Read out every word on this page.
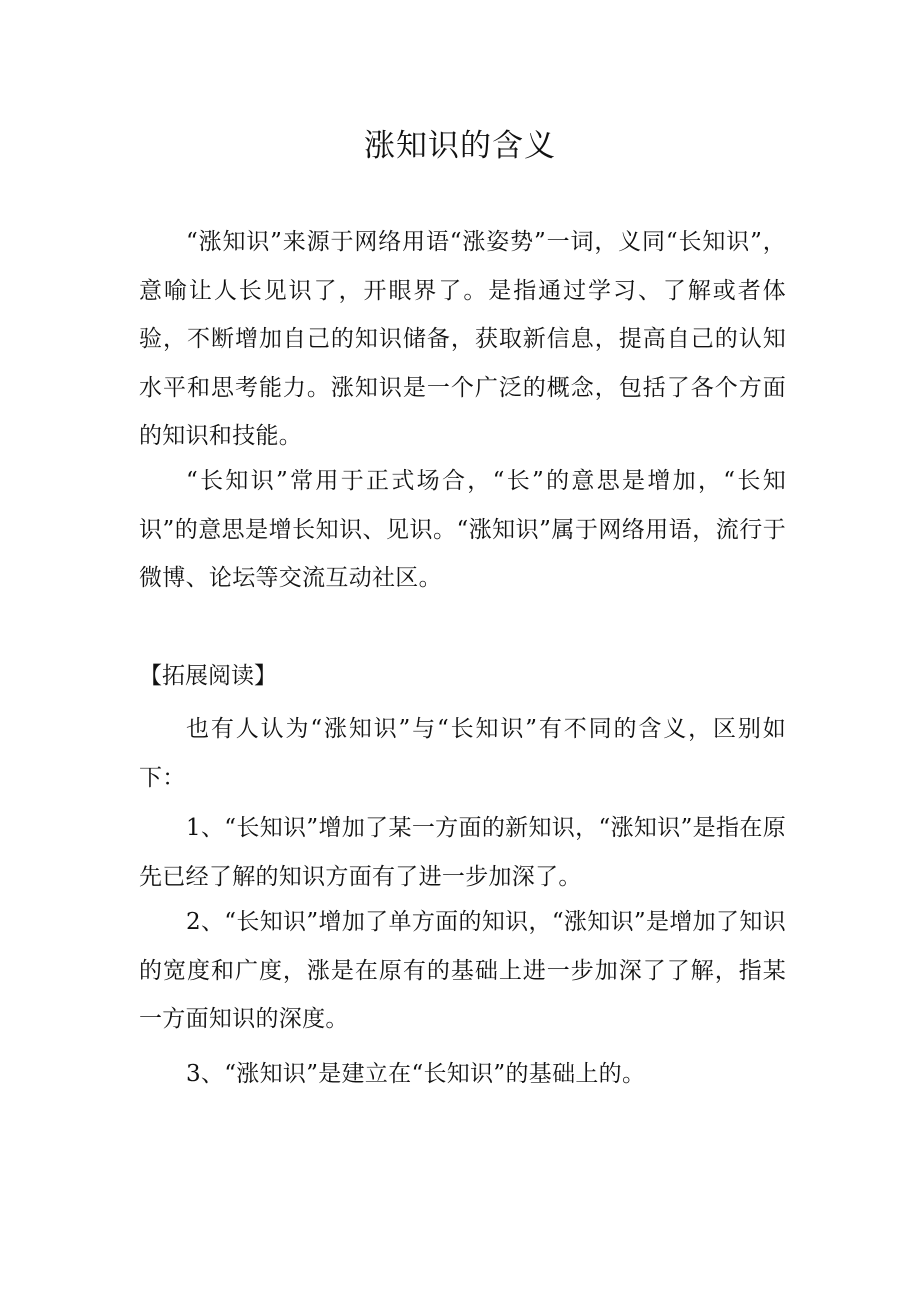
涨知识的含义

“涨知识”来源于网络用语“涨姿势”一词，义同“长知识”，意喻让人长见识了，开眼界了。是指通过学习、了解或者体验，不断增加自己的知识储备，获取新信息，提高自己的认知水平和思考能力。涨知识是一个广泛的概念，包括了各个方面的知识和技能。

“长知识”常用于正式场合，“长”的意思是增加，“长知识”的意思是增长知识、见识。“涨知识”属于网络用语，流行于微博、论坛等交流互动社区。

【拓展阅读】

也有人认为“涨知识”与“长知识”有不同的含义，区别如下：

1、“长知识”增加了某一方面的新知识，“涨知识”是指在原先已经了解的知识方面有了进一步加深了。

2、“长知识”增加了单方面的知识，“涨知识”是增加了知识的宽度和广度，涨是在原有的基础上进一步加深了了解，指某一方面知识的深度。

3、“涨知识”是建立在“长知识”的基础上的。
